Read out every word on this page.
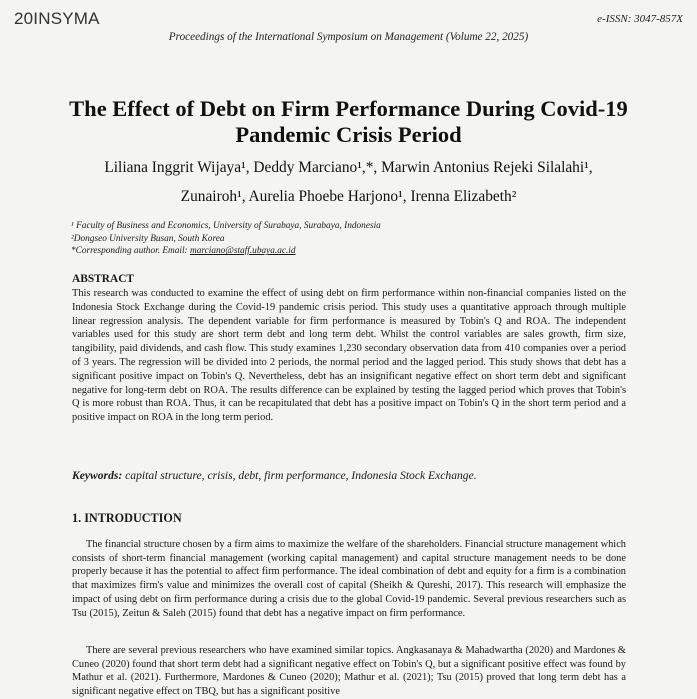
20INSYMA	e-ISSN: 3047-857X
Proceedings of the International Symposium on Management (Volume 22, 2025)
The Effect of Debt on Firm Performance During Covid-19 Pandemic Crisis Period
Liliana Inggrit Wijaya¹, Deddy Marciano¹,*, Marwin Antonius Rejeki Silalahi¹,
Zunairoh¹, Aurelia Phoebe Harjono¹, Irenna Elizabeth²
¹ Faculty of Business and Economics, University of Surabaya, Surabaya, Indonesia
²Dongseo University Busan, South Korea
*Corresponding author. Email: marciano@staff.ubaya.ac.id
ABSTRACT
This research was conducted to examine the effect of using debt on firm performance within non-financial companies listed on the Indonesia Stock Exchange during the Covid-19 pandemic crisis period. This study uses a quantitative approach through multiple linear regression analysis. The dependent variable for firm performance is measured by Tobin's Q and ROA. The independent variables used for this study are short term debt and long term debt. Whilst the control variables are sales growth, firm size, tangibility, paid dividends, and cash flow. This study examines 1,230 secondary observation data from 410 companies over a period of 3 years. The regression will be divided into 2 periods, the normal period and the lagged period. This study shows that debt has a significant positive impact on Tobin's Q. Nevertheless, debt has an insignificant negative effect on short term debt and significant negative for long-term debt on ROA. The results difference can be explained by testing the lagged period which proves that Tobin's Q is more robust than ROA. Thus, it can be recapitulated that debt has a positive impact on Tobin's Q in the short term period and a positive impact on ROA in the long term period.
Keywords: capital structure, crisis, debt, firm performance, Indonesia Stock Exchange.
1. INTRODUCTION
The financial structure chosen by a firm aims to maximize the welfare of the shareholders. Financial structure management which consists of short-term financial management (working capital management) and capital structure management needs to be done properly because it has the potential to affect firm performance. The ideal combination of debt and equity for a firm is a combination that maximizes firm's value and minimizes the overall cost of capital (Sheikh & Qureshi, 2017). This research will emphasize the impact of using debt on firm performance during a crisis due to the global Covid-19 pandemic. Several previous researchers such as Tsu (2015), Zeitun & Saleh (2015) found that debt has a negative impact on firm performance.
There are several previous researchers who have examined similar topics. Angkasanaya & Mahadwartha (2020) and Mardones & Cuneo (2020) found that short term debt had a significant negative effect on Tobin's Q, but a significant positive effect was found by Mathur et al. (2021). Furthermore, Mardones & Cuneo (2020); Mathur et al. (2021); Tsu (2015) proved that long term debt has a significant negative effect on TBQ, but has a significant positive
